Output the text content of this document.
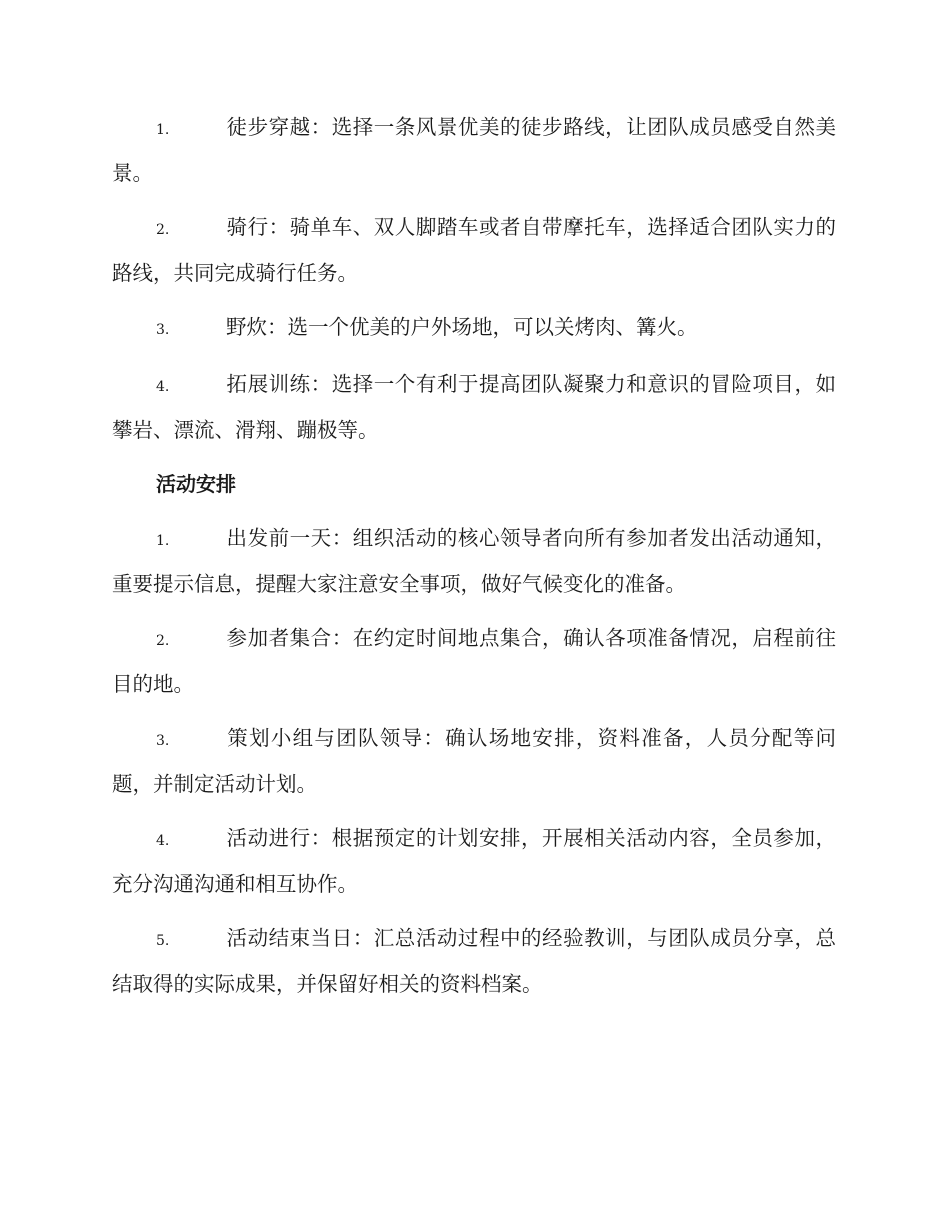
1.	徒步穿越：选择一条风景优美的徒步路线，让团队成员感受自然美景。

2.	骑行：骑单车、双人脚踏车或者自带摩托车，选择适合团队实力的路线，共同完成骑行任务。

3.	野炊：选一个优美的户外场地，可以关烤肉、篝火。

4.	拓展训练：选择一个有利于提高团队凝聚力和意识的冒险项目，如攀岩、漂流、滑翔、蹦极等。

活动安排

1.	出发前一天：组织活动的核心领导者向所有参加者发出活动通知，重要提示信息，提醒大家注意安全事项，做好气候变化的准备。

2.	参加者集合：在约定时间地点集合，确认各项准备情况，启程前往目的地。

3.	策划小组与团队领导：确认场地安排，资料准备，人员分配等问题，并制定活动计划。

4.	活动进行：根据预定的计划安排，开展相关活动内容，全员参加，充分沟通沟通和相互协作。

5.	活动结束当日：汇总活动过程中的经验教训，与团队成员分享，总结取得的实际成果，并保留好相关的资料档案。
